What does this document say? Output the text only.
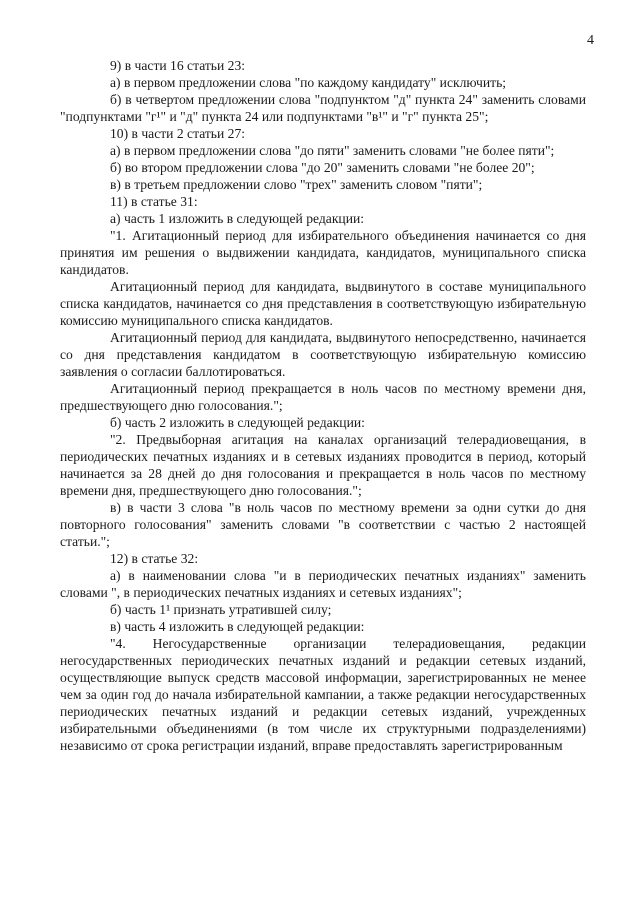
4

9) в части 16 статьи 23:

а) в первом предложении слова "по каждому кандидату" исключить;

б) в четвертом предложении слова "подпунктом "д" пункта 24" заменить словами "подпунктами "г¹" и "д" пункта 24 или подпунктами "в¹" и "г" пункта 25";

10) в части 2 статьи 27:

а) в первом предложении слова "до пяти" заменить словами "не более пяти";

б) во втором предложении слова "до 20" заменить словами "не более 20";

в) в третьем предложении слово "трех" заменить словом "пяти";

11) в статье 31:

а) часть 1 изложить в следующей редакции:

"1. Агитационный период для избирательного объединения начинается со дня принятия им решения о выдвижении кандидата, кандидатов, муниципального списка кандидатов.

Агитационный период для кандидата, выдвинутого в составе муниципального списка кандидатов, начинается со дня представления в соответствующую избирательную комиссию муниципального списка кандидатов.

Агитационный период для кандидата, выдвинутого непосредственно, начинается со дня представления кандидатом в соответствующую избирательную комиссию заявления о согласии баллотироваться.

Агитационный период прекращается в ноль часов по местному времени дня, предшествующего дню голосования.";

б) часть 2 изложить в следующей редакции:

"2. Предвыборная агитация на каналах организаций телерадиовещания, в периодических печатных изданиях и в сетевых изданиях проводится в период, который начинается за 28 дней до дня голосования и прекращается в ноль часов по местному времени дня, предшествующего дню голосования.";

в) в части 3 слова "в ноль часов по местному времени за одни сутки до дня повторного голосования" заменить словами "в соответствии с частью 2 настоящей статьи.";

12) в статье 32:

а) в наименовании слова "и в периодических печатных изданиях" заменить словами ", в периодических печатных изданиях и сетевых изданиях";

б) часть 1¹ признать утратившей силу;

в) часть 4 изложить в следующей редакции:

"4. Негосударственные организации телерадиовещания, редакции негосударственных периодических печатных изданий и редакции сетевых изданий, осуществляющие выпуск средств массовой информации, зарегистрированных не менее чем за один год до начала избирательной кампании, а также редакции негосударственных периодических печатных изданий и редакции сетевых изданий, учрежденных избирательными объединениями (в том числе их структурными подразделениями) независимо от срока регистрации изданий, вправе предоставлять зарегистрированным
